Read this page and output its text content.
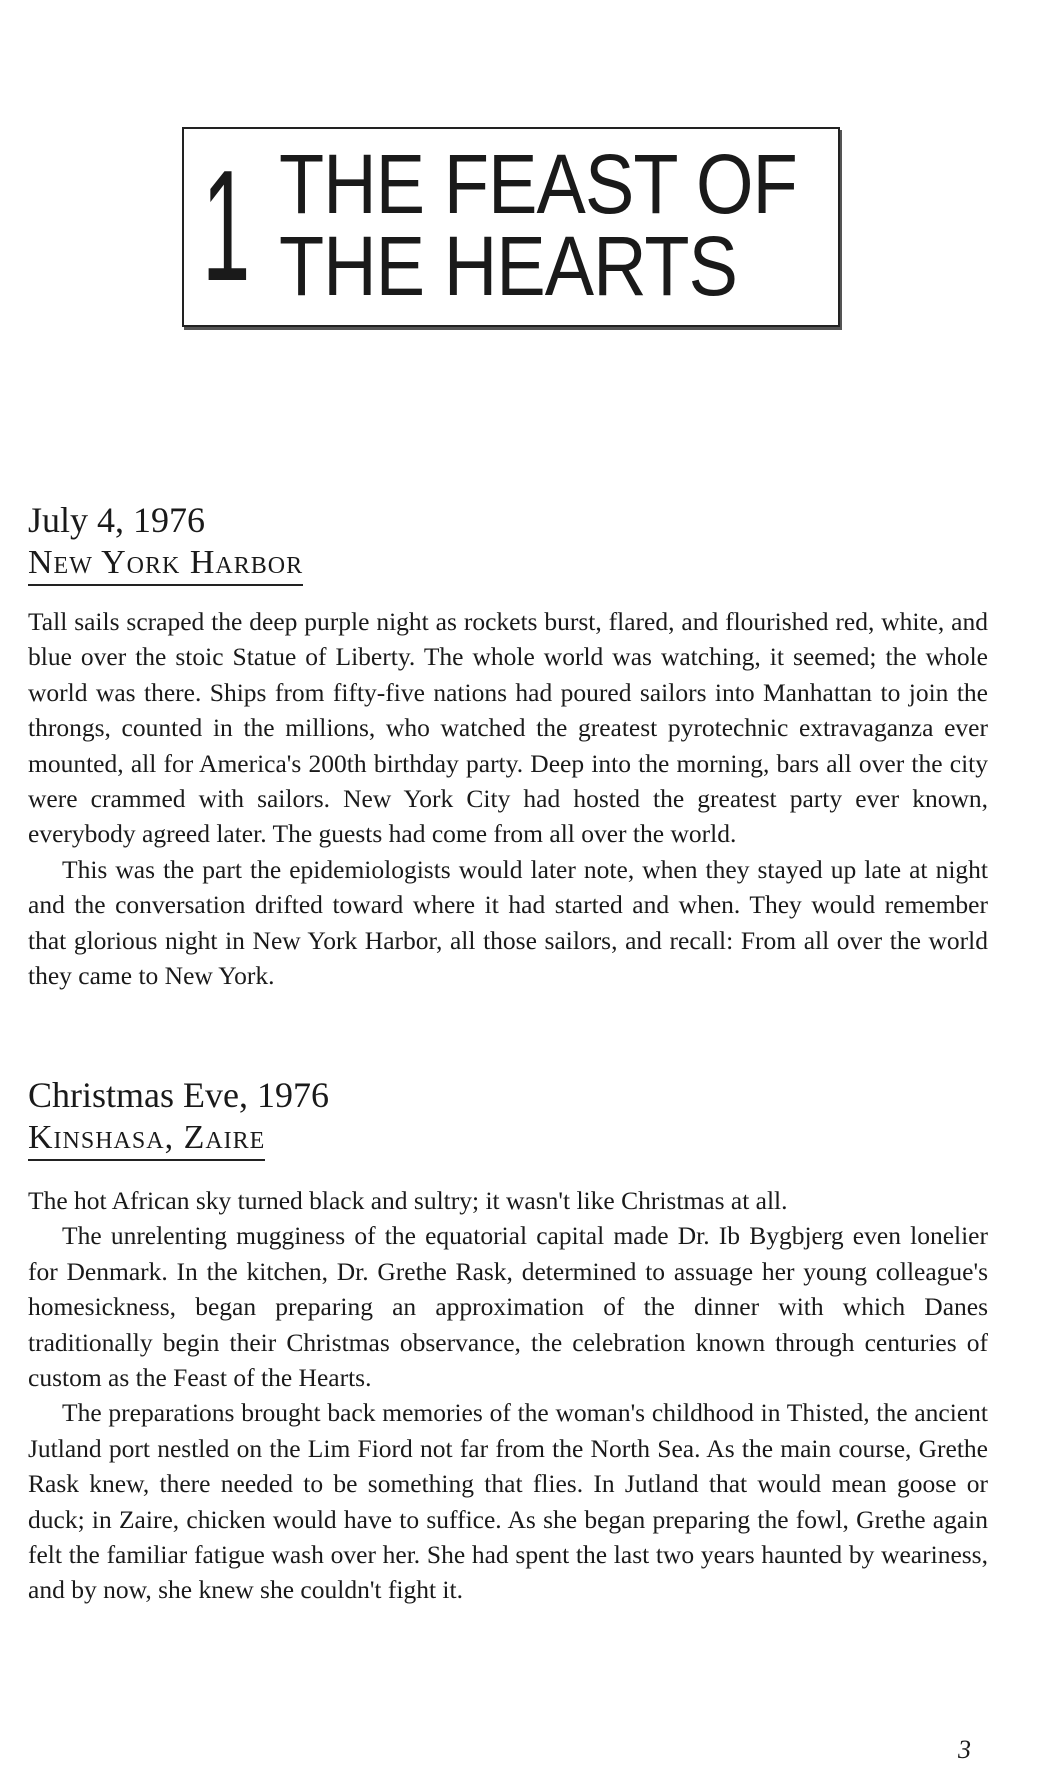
1 THE FEAST OF
THE HEARTS
July 4, 1976
New York Harbor

Tall sails scraped the deep purple night as rockets burst, flared, and flourished red, white, and blue over the stoic Statue of Liberty. The whole world was watching, it seemed; the whole world was there. Ships from fifty-five nations had poured sailors into Manhattan to join the throngs, counted in the millions, who watched the greatest pyrotechnic extravaganza ever mounted, all for America's 200th birthday party. Deep into the morning, bars all over the city were crammed with sailors. New York City had hosted the greatest party ever known, everybody agreed later. The guests had come from all over the world.

This was the part the epidemiologists would later note, when they stayed up late at night and the conversation drifted toward where it had started and when. They would remember that glorious night in New York Harbor, all those sailors, and recall: From all over the world they came to New York.

Christmas Eve, 1976
Kinshasa, Zaire

The hot African sky turned black and sultry; it wasn't like Christmas at all.

The unrelenting mugginess of the equatorial capital made Dr. Ib Bygbjerg even lonelier for Denmark. In the kitchen, Dr. Grethe Rask, determined to assuage her young colleague's homesickness, began preparing an approximation of the dinner with which Danes traditionally begin their Christmas observance, the celebration known through centuries of custom as the Feast of the Hearts.

The preparations brought back memories of the woman's childhood in Thisted, the ancient Jutland port nestled on the Lim Fiord not far from the North Sea. As the main course, Grethe Rask knew, there needed to be something that flies. In Jutland that would mean goose or duck; in Zaire, chicken would have to suffice. As she began preparing the fowl, Grethe again felt the familiar fatigue wash over her. She had spent the last two years haunted by weariness, and by now, she knew she couldn't fight it.

3
